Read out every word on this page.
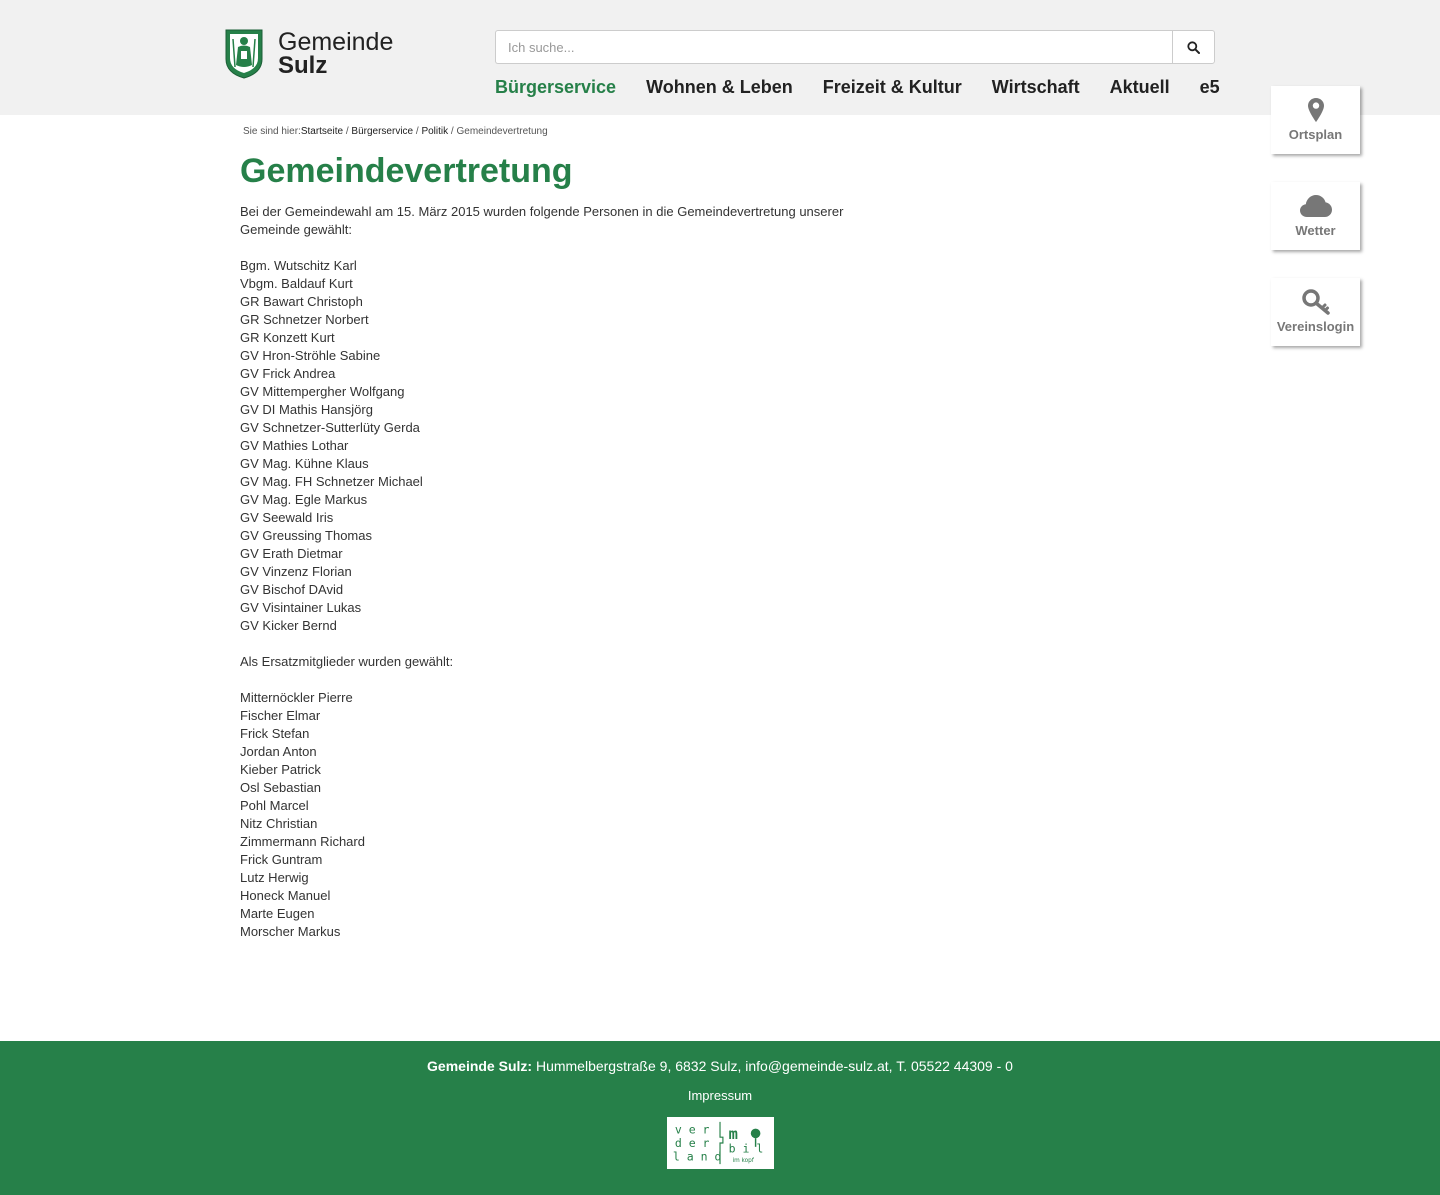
Gemeinde
Sulz
Ich suche...
Bürgerservice Wohnen & Leben Freizeit & Kultur Wirtschaft Aktuell e5
Ortsplan
Wetter
Vereinslogin
Sie sind hier:Startseite / Bürgerservice / Politik / Gemeindevertretung
Gemeindevertretung

Bei der Gemeindewahl am 15. März 2015 wurden folgende Personen in die Gemeindevertretung unserer Gemeinde gewählt:

Bgm. Wutschitz Karl

Vbgm. Baldauf Kurt

GR Bawart Christoph

GR Schnetzer Norbert

GR Konzett Kurt

GV Hron-Ströhle Sabine

GV Frick Andrea

GV Mittempergher Wolfgang

GV DI Mathis Hansjörg

GV Schnetzer-Sutterlüty Gerda

GV Mathies Lothar

GV Mag. Kühne Klaus

GV Mag. FH Schnetzer Michael

GV Mag. Egle Markus

GV Seewald Iris

GV Greussing Thomas

GV Erath Dietmar

GV Vinzenz Florian

GV Bischof DAvid

GV Visintainer Lukas

GV Kicker Bernd

Als Ersatzmitglieder wurden gewählt:

Mitternöckler Pierre

Fischer Elmar

Frick Stefan

Jordan Anton

Kieber Patrick

Osl Sebastian

Pohl Marcel

Nitz Christian

Zimmermann Richard

Frick Guntram

Lutz Herwig

Honeck Manuel

Marte Eugen

Morscher Markus

Gemeinde Sulz: Hummelbergstraße 9, 6832 Sulz, info@gemeinde-sulz.at, T. 05522 44309 - 0
Impressum
v e r
d e r
l a n d
m
b i l
im kopf
